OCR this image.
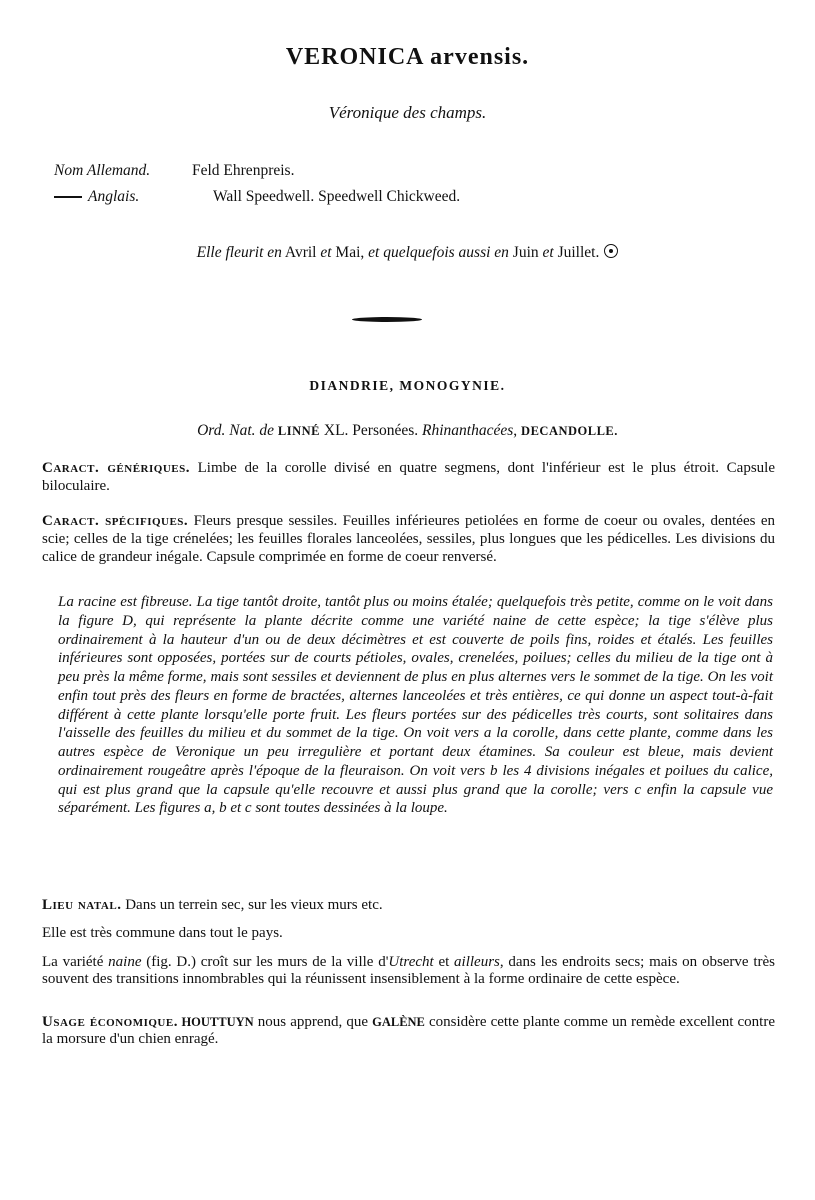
VERONICA arvensis.
Véronique des champs.
Nom Allemand.	Feld Ehrenpreis.
Anglais.	Wall Speedwell. Speedwell Chickweed.
Elle fleurit en Avril et Mai, et quelquefois aussi en Juin et Juillet.
DIANDRIE, MONOGYNIE.
Ord. Nat. de LINNÉ XL. Personées. Rhinanthacées, DECANDOLLE.
Caract. génériques. Limbe de la corolle divisé en quatre segmens, dont l'inférieur est le plus étroit. Capsule biloculaire.
Caract. spécifiques. Fleurs presque sessiles. Feuilles inférieures petiolées en forme de coeur ou ovales, dentées en scie; celles de la tige crénelées; les feuilles florales lanceolées, sessiles, plus longues que les pédicelles. Les divisions du calice de grandeur inégale. Capsule comprimée en forme de coeur renversé.
La racine est fibreuse. La tige tantôt droite, tantôt plus ou moins étalée; quelquefois très petite, comme on le voit dans la figure D, qui représente la plante décrite comme une variété naine de cette espèce; la tige s'élève plus ordinairement à la hauteur d'un ou de deux décimètres et est couverte de poils fins, roides et étalés. Les feuilles inférieures sont opposées, portées sur de courts pétioles, ovales, crenelées, poilues; celles du milieu de la tige ont à peu près la même forme, mais sont sessiles et deviennent de plus en plus alternes vers le sommet de la tige. On les voit enfin tout près des fleurs en forme de bractées, alternes lanceolées et très entières, ce qui donne un aspect tout-à-fait différent à cette plante lorsqu'elle porte fruit. Les fleurs portées sur des pédicelles très courts, sont solitaires dans l'aisselle des feuilles du milieu et du sommet de la tige. On voit vers a la corolle, dans cette plante, comme dans les autres espèce de Veronique un peu irregulière et portant deux étamines. Sa couleur est bleue, mais devient ordinairement rougeâtre après l'époque de la fleuraison. On voit vers b les 4 divisions inégales et poilues du calice, qui est plus grand que la capsule qu'elle recouvre et aussi plus grand que la corolle; vers c enfin la capsule vue séparément. Les figures a, b et c sont toutes dessinées à la loupe.
Lieu natal. Dans un terrein sec, sur les vieux murs etc.
Elle est très commune dans tout le pays.
La variété naine (fig. D.) croît sur les murs de la ville d'Utrecht et ailleurs, dans les endroits secs; mais on observe très souvent des transitions innombrables qui la réunissent insensiblement à la forme ordinaire de cette espèce.
Usage économique. HOUTTUYN nous apprend, que GALÈNE considère cette plante comme un remède excellent contre la morsure d'un chien enragé.
